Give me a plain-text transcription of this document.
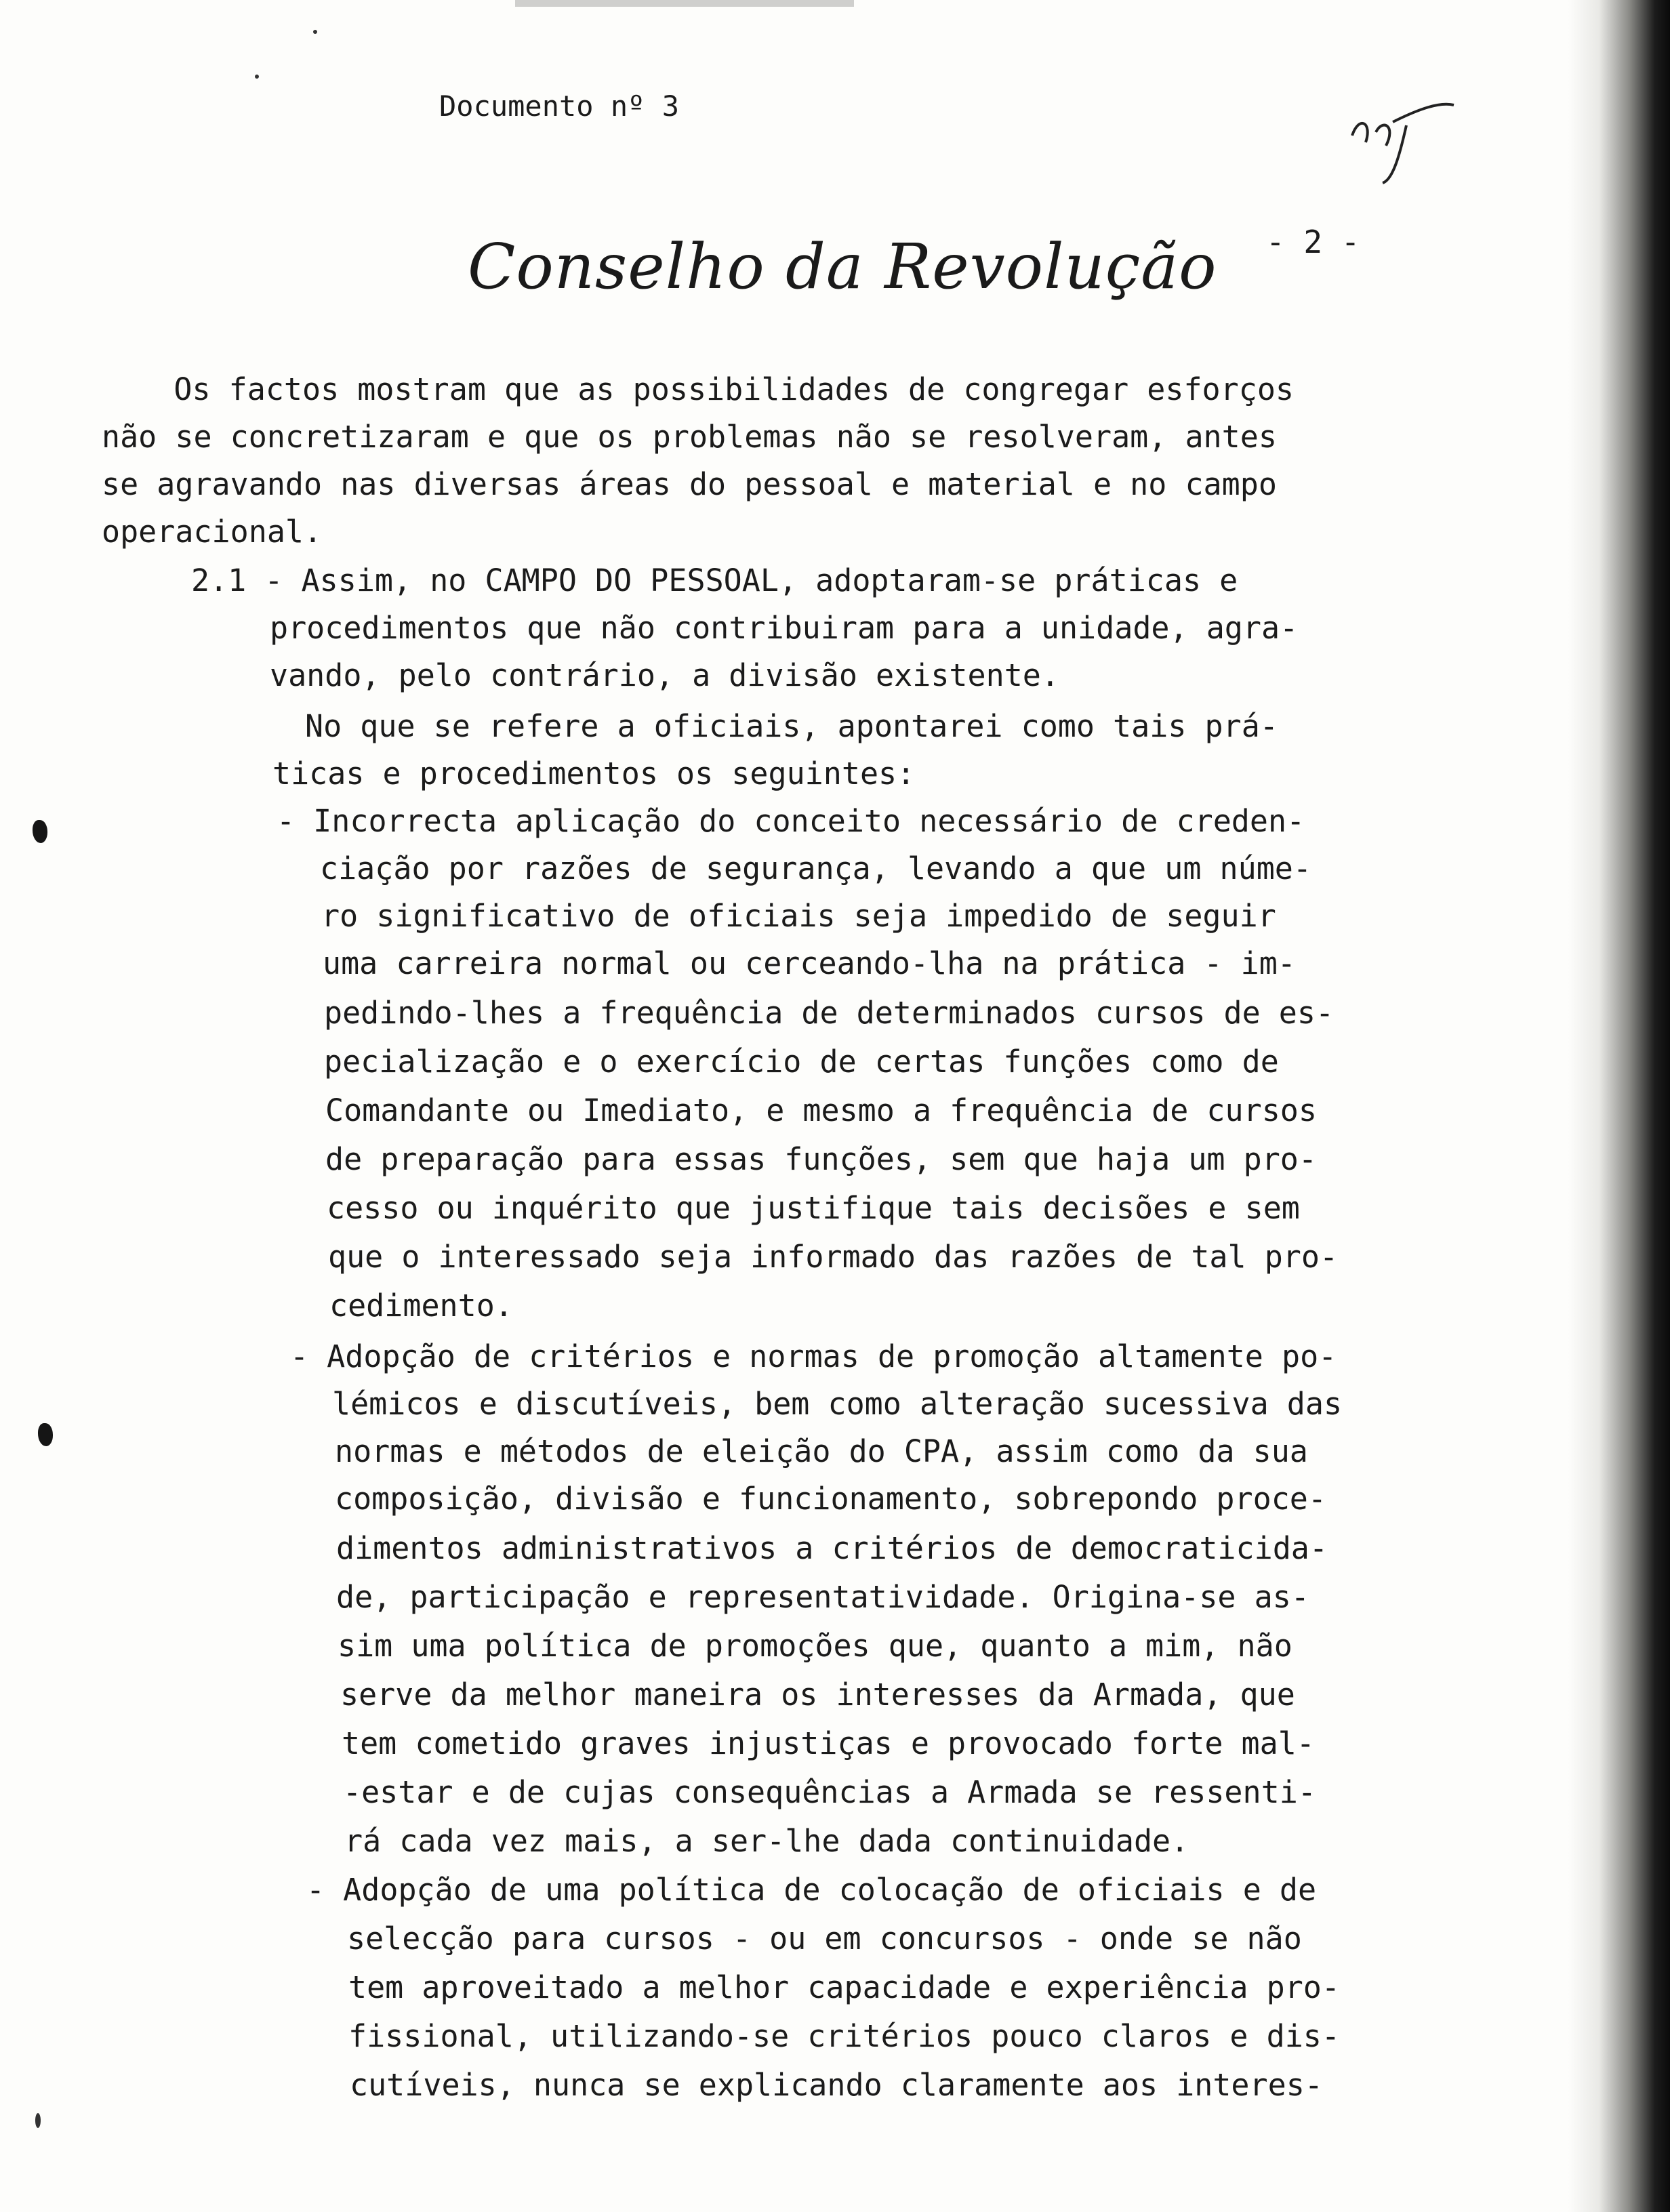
Documento nº 3
Conselho da Revolução - 2 -
Os factos mostram que as possibilidades de congregar esforços
não se concretizaram e que os problemas não se resolveram, antes
se agravando nas diversas áreas do pessoal e material e no campo
operacional.
2.1 - Assim, no CAMPO DO PESSOAL, adoptaram-se práticas e
procedimentos que não contribuiram para a unidade, agra-
vando, pelo contrário, a divisão existente.
No que se refere a oficiais, apontarei como tais prá-
ticas e procedimentos os seguintes:
- Incorrecta aplicação do conceito necessário de creden-
ciação por razões de segurança, levando a que um núme-
ro significativo de oficiais seja impedido de seguir
uma carreira normal ou cerceando-lha na prática - im-
pedindo-lhes a frequência de determinados cursos de es-
pecialização e o exercício de certas funções como de
Comandante ou Imediato, e mesmo a frequência de cursos
de preparação para essas funções, sem que haja um pro-
cesso ou inquérito que justifique tais decisões e sem
que o interessado seja informado das razões de tal pro-
cedimento.
- Adopção de critérios e normas de promoção altamente po-
lémicos e discutíveis, bem como alteração sucessiva das
normas e métodos de eleição do CPA, assim como da sua
composição, divisão e funcionamento, sobrepondo proce-
dimentos administrativos a critérios de democraticida-
de, participação e representatividade. Origina-se as-
sim uma política de promoções que, quanto a mim, não
serve da melhor maneira os interesses da Armada, que
tem cometido graves injustiças e provocado forte mal-
-estar e de cujas consequências a Armada se ressenti-
rá cada vez mais, a ser-lhe dada continuidade.
- Adopção de uma política de colocação de oficiais e de
selecção para cursos - ou em concursos - onde se não
tem aproveitado a melhor capacidade e experiência pro-
fissional, utilizando-se critérios pouco claros e dis-
cutíveis, nunca se explicando claramente aos interes-
